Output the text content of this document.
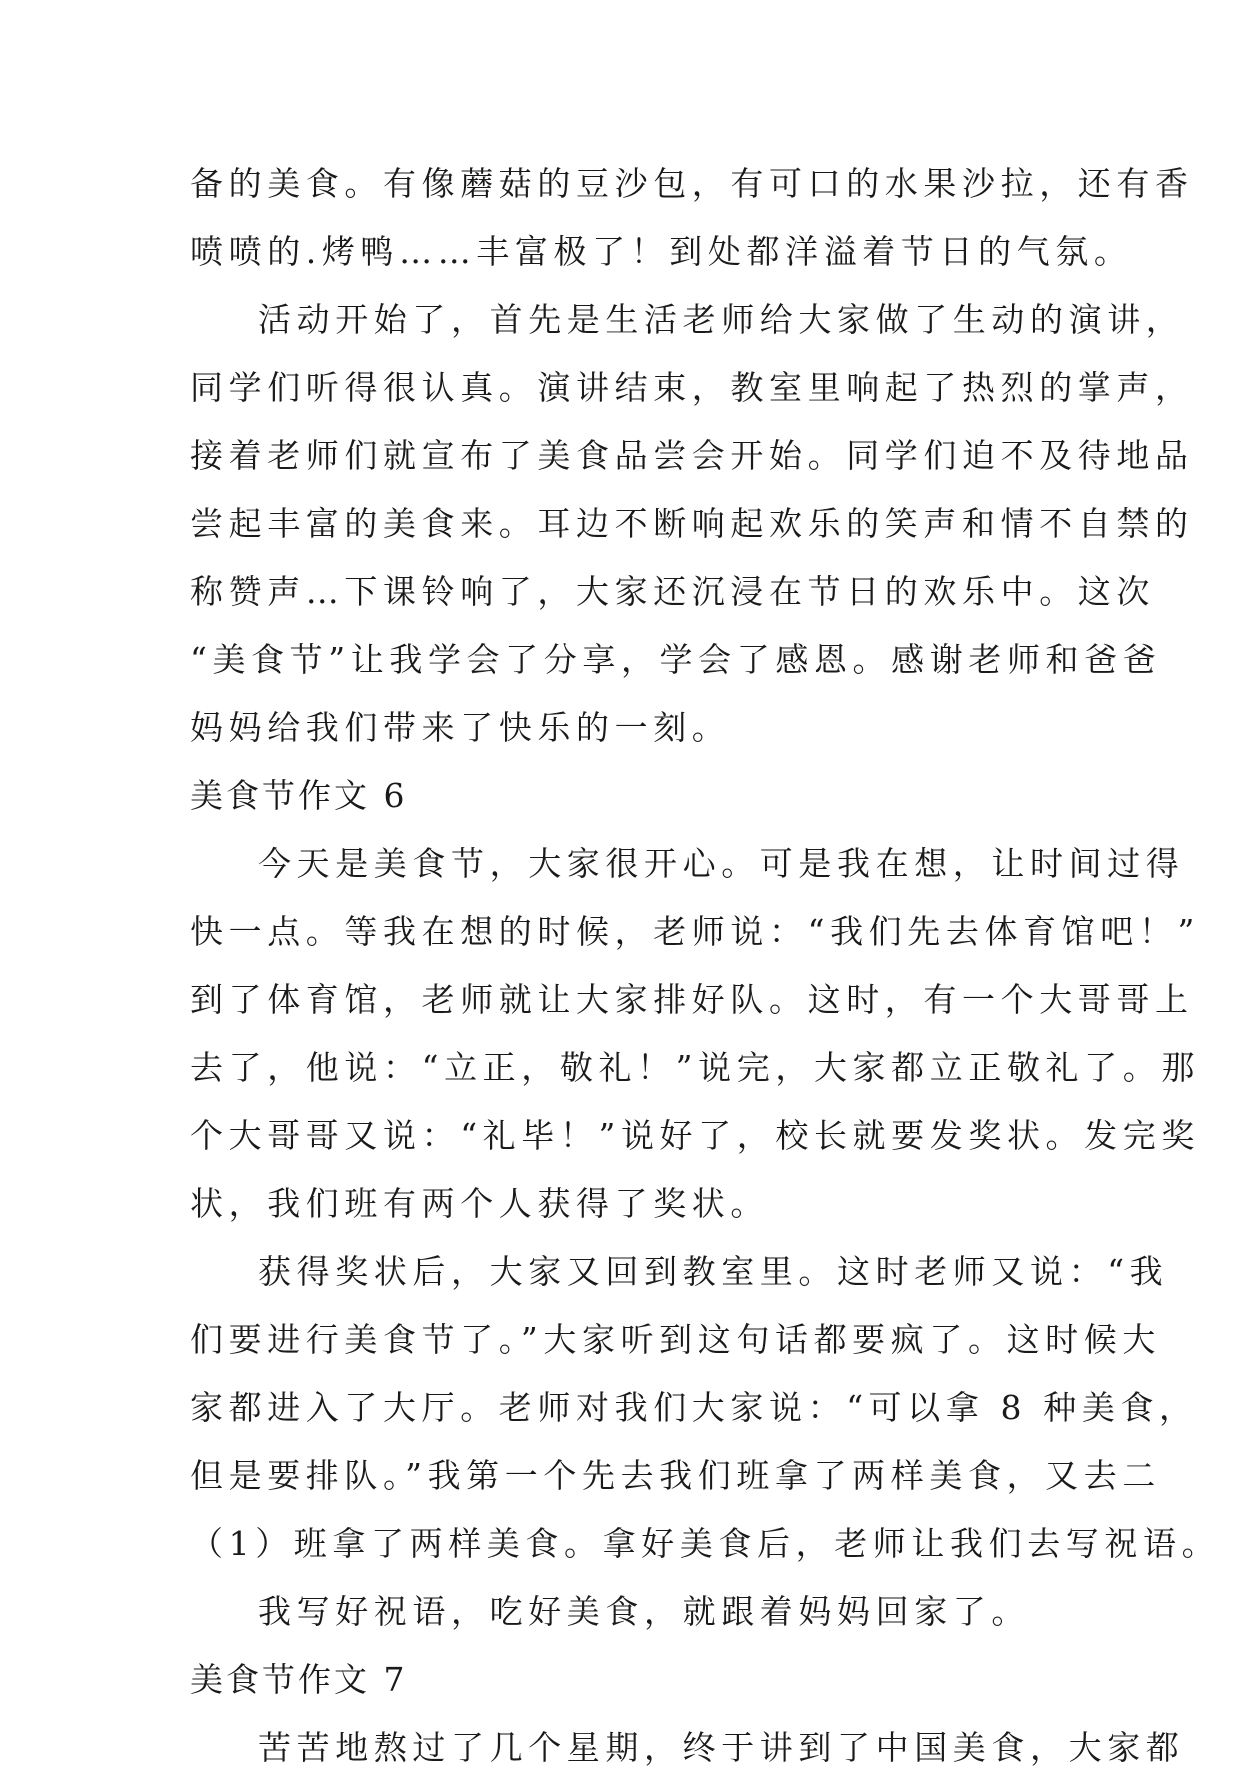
备的美食。有像蘑菇的豆沙包，有可口的水果沙拉，还有香
喷喷的.烤鸭……丰富极了！到处都洋溢着节日的气氛。
活动开始了，首先是生活老师给大家做了生动的演讲，
同学们听得很认真。演讲结束，教室里响起了热烈的掌声，
接着老师们就宣布了美食品尝会开始。同学们迫不及待地品
尝起丰富的美食来。耳边不断响起欢乐的笑声和情不自禁的
称赞声…下课铃响了，大家还沉浸在节日的欢乐中。这次
“美食节”让我学会了分享，学会了感恩。感谢老师和爸爸
妈妈给我们带来了快乐的一刻。
美食节作文 6
今天是美食节，大家很开心。可是我在想，让时间过得
快一点。等我在想的时候，老师说：“我们先去体育馆吧！”
到了体育馆，老师就让大家排好队。这时，有一个大哥哥上
去了，他说：“立正，敬礼！”说完，大家都立正敬礼了。那
个大哥哥又说：“礼毕！”说好了，校长就要发奖状。发完奖
状，我们班有两个人获得了奖状。
获得奖状后，大家又回到教室里。这时老师又说：“我
们要进行美食节了。”大家听到这句话都要疯了。这时候大
家都进入了大厅。老师对我们大家说：“可以拿 8 种美食，
但是要排队。”我第一个先去我们班拿了两样美食，又去二
（1）班拿了两样美食。拿好美食后，老师让我们去写祝语。
我写好祝语，吃好美食，就跟着妈妈回家了。
美食节作文 7
苦苦地熬过了几个星期，终于讲到了中国美食，大家都
